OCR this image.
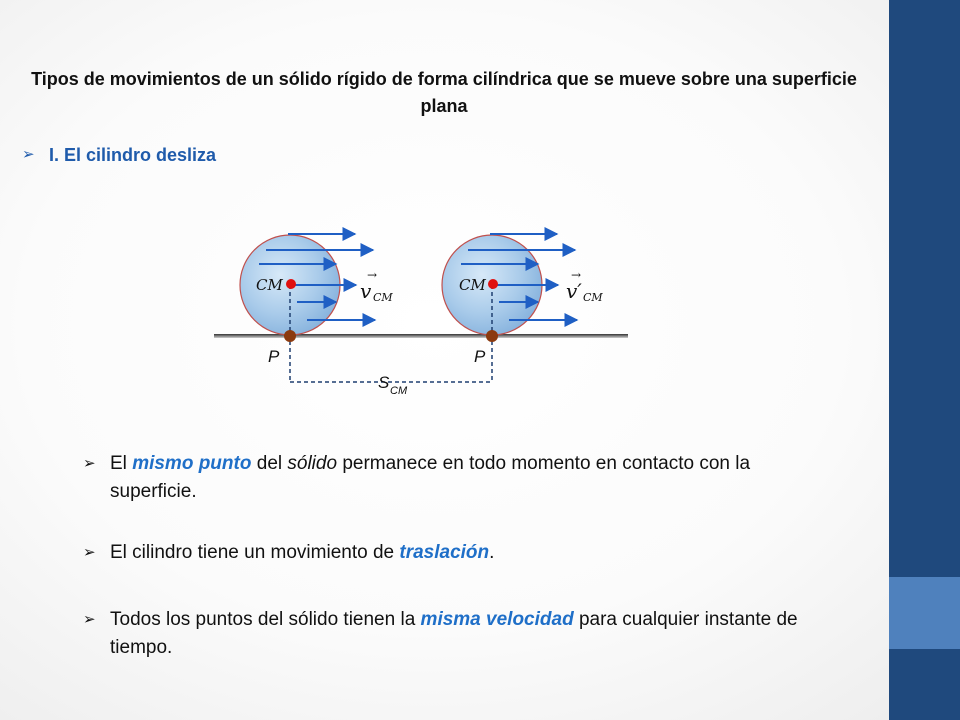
Tipos de movimientos de un sólido rígido de forma cilíndrica que se mueve sobre una superficie plana
➢ I. El cilindro desliza
CM	CM
→
v CM
→
v′ CM
P	P
S CM
➢ El mismo punto del sólido permanece en todo momento en contacto con la superficie.
➢ El cilindro tiene un movimiento de traslación.
➢ Todos los puntos del sólido tienen la misma velocidad para cualquier instante de tiempo.
